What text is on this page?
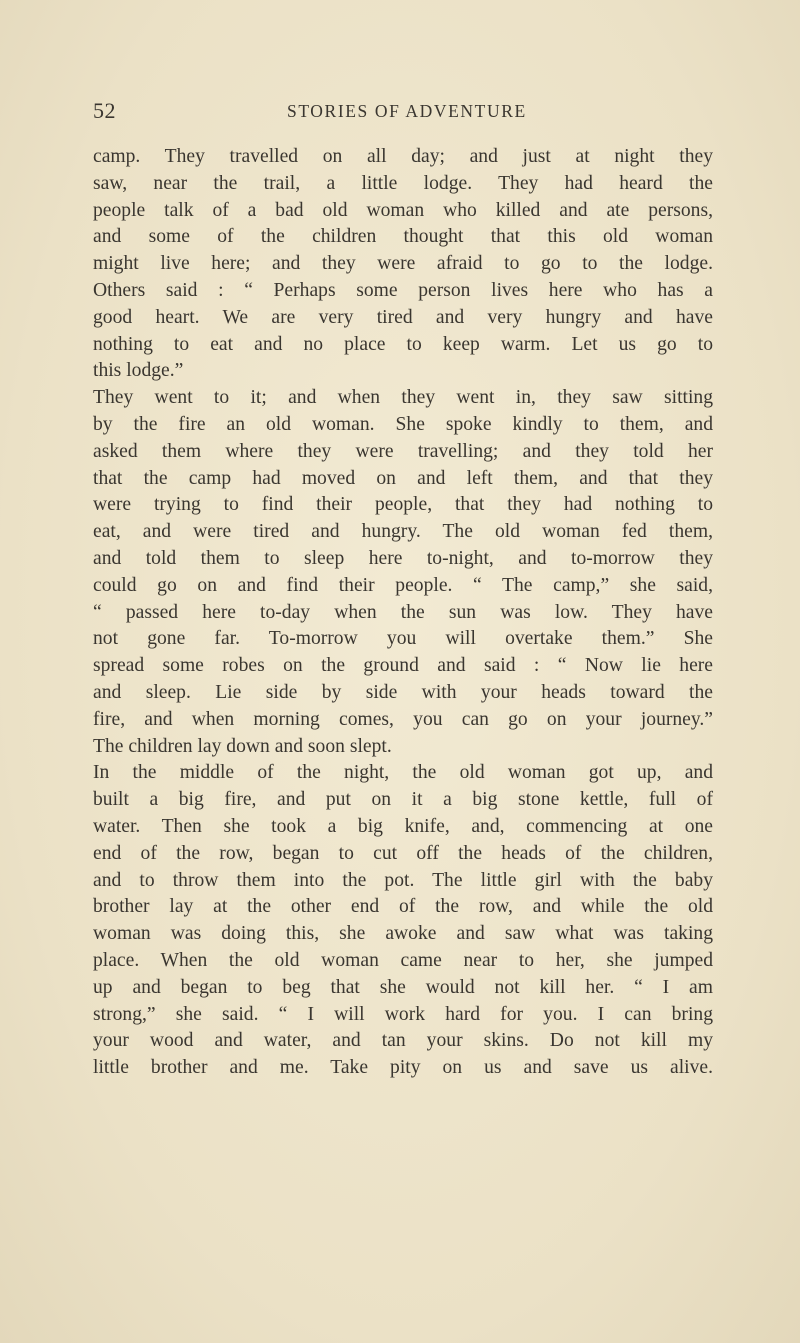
52	STORIES OF ADVENTURE
camp. They travelled on all day; and just at night they
saw, near the trail, a little lodge. They had heard the
people talk of a bad old woman who killed and ate persons,
and some of the children thought that this old woman
might live here; and they were afraid to go to the lodge.
Others said : “ Perhaps some person lives here who has a
good heart. We are very tired and very hungry and have
nothing to eat and no place to keep warm. Let us go to
this lodge.”
They went to it; and when they went in, they saw sitting
by the fire an old woman. She spoke kindly to them, and
asked them where they were travelling; and they told her
that the camp had moved on and left them, and that they
were trying to find their people, that they had nothing to
eat, and were tired and hungry. The old woman fed them,
and told them to sleep here to-night, and to-morrow they
could go on and find their people. “ The camp,” she said,
“ passed here to-day when the sun was low. They have
not gone far. To-morrow you will overtake them.” She
spread some robes on the ground and said : “ Now lie here
and sleep. Lie side by side with your heads toward the
fire, and when morning comes, you can go on your journey.”
The children lay down and soon slept.
In the middle of the night, the old woman got up, and
built a big fire, and put on it a big stone kettle, full of
water. Then she took a big knife, and, commencing at one
end of the row, began to cut off the heads of the children,
and to throw them into the pot. The little girl with the baby
brother lay at the other end of the row, and while the old
woman was doing this, she awoke and saw what was taking
place. When the old woman came near to her, she jumped
up and began to beg that she would not kill her. “ I am
strong,” she said. “ I will work hard for you. I can bring
your wood and water, and tan your skins. Do not kill my
little brother and me. Take pity on us and save us alive.
